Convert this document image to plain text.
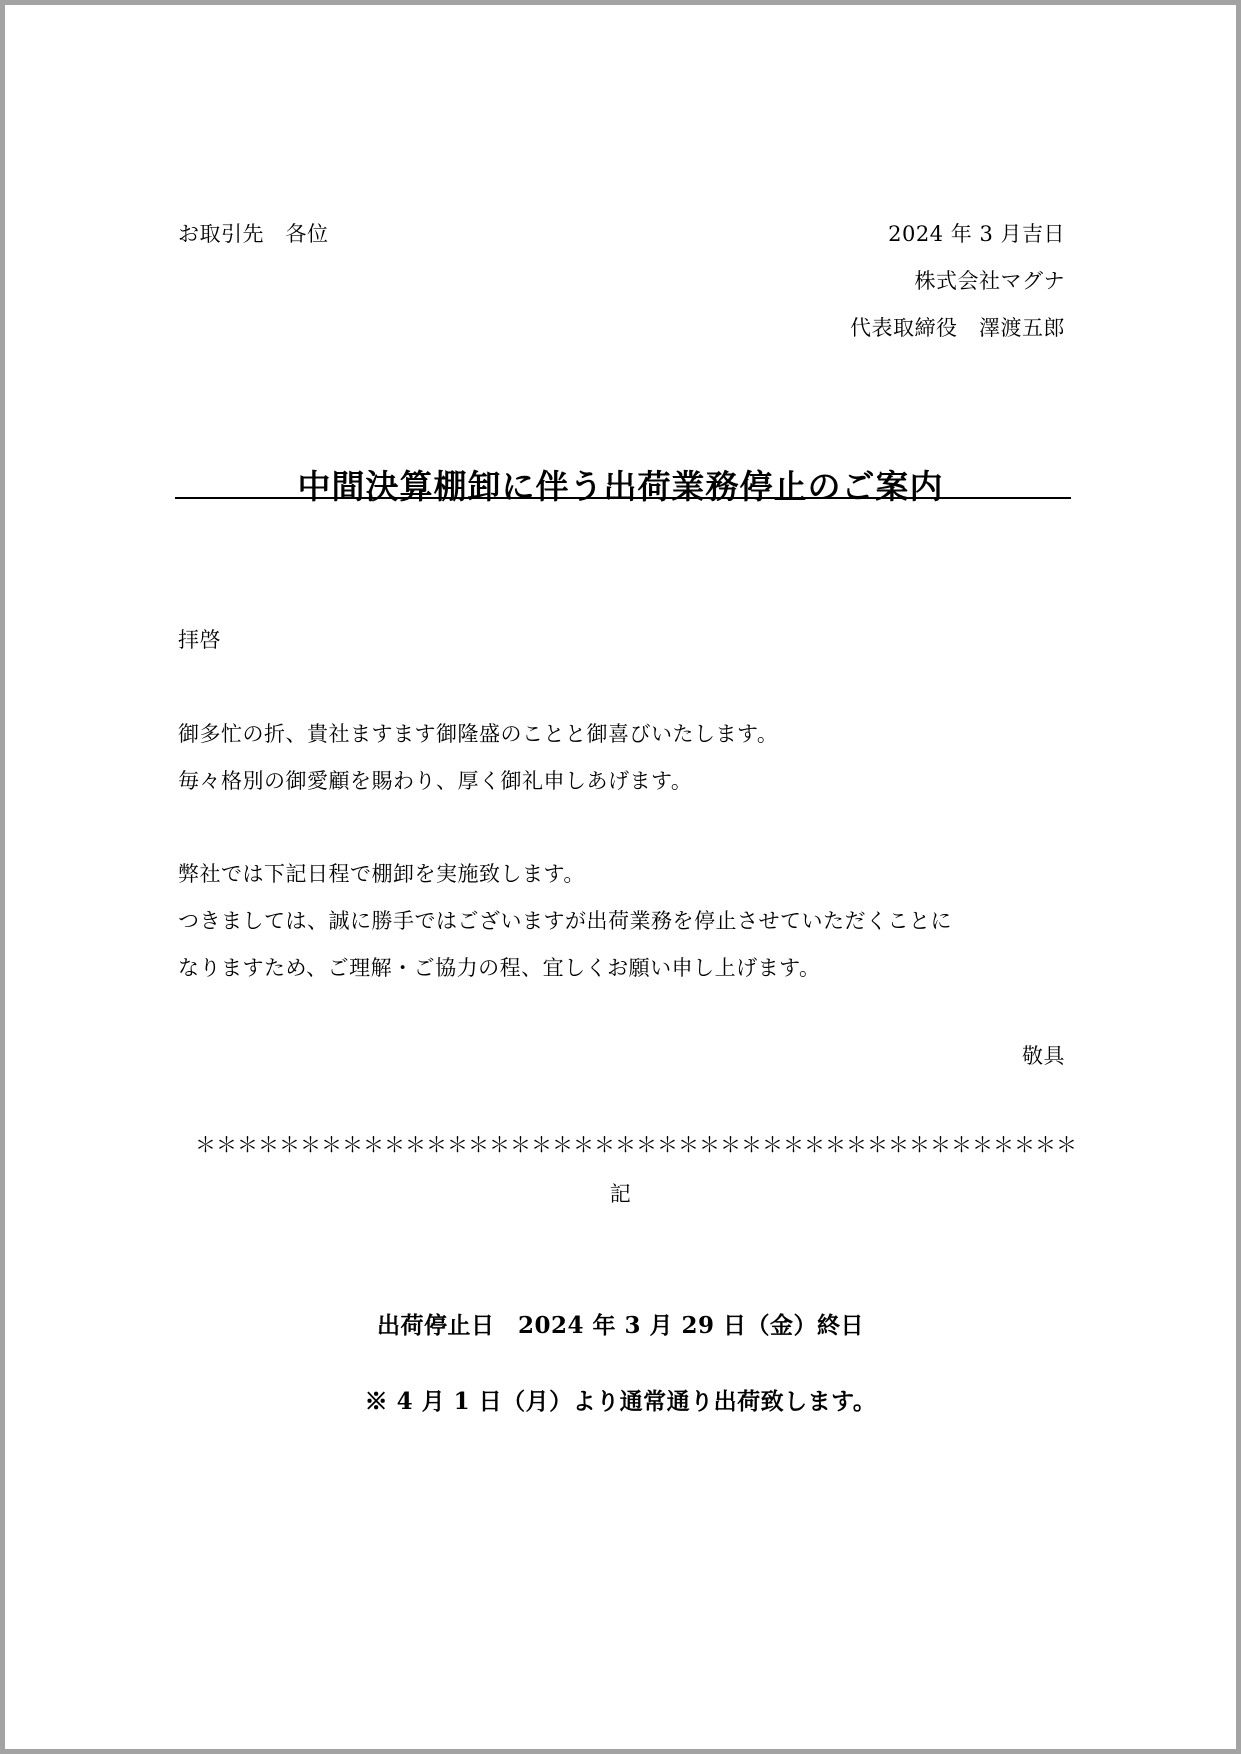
お取引先　各位	2024 年 3 月吉日

株式会社マグナ

代表取締役　澤渡五郎

中間決算棚卸に伴う出荷業務停止のご案内

拝啓

御多忙の折、貴社ますます御隆盛のことと御喜びいたします。

毎々格別の御愛顧を賜わり、厚く御礼申しあげます。

弊社では下記日程で棚卸を実施致します。

つきましては、誠に勝手ではございますが出荷業務を停止させていただくことに

なりますため、ご理解・ご協力の程、宜しくお願い申し上げます。

敬具

＊ ＊ ＊ ＊ ＊ ＊ ＊ ＊ ＊ ＊ ＊ ＊ ＊ ＊ ＊ ＊ ＊ ＊ ＊ ＊ ＊ ＊ ＊ ＊ ＊ ＊ ＊ ＊ ＊ ＊ ＊ ＊ ＊ ＊ ＊ ＊ ＊ ＊ ＊ ＊ ＊ ＊

記

出荷停止日　2024 年 3 月 29 日（金）終日

※ 4 月 1 日（月）より通常通り出荷致します。
